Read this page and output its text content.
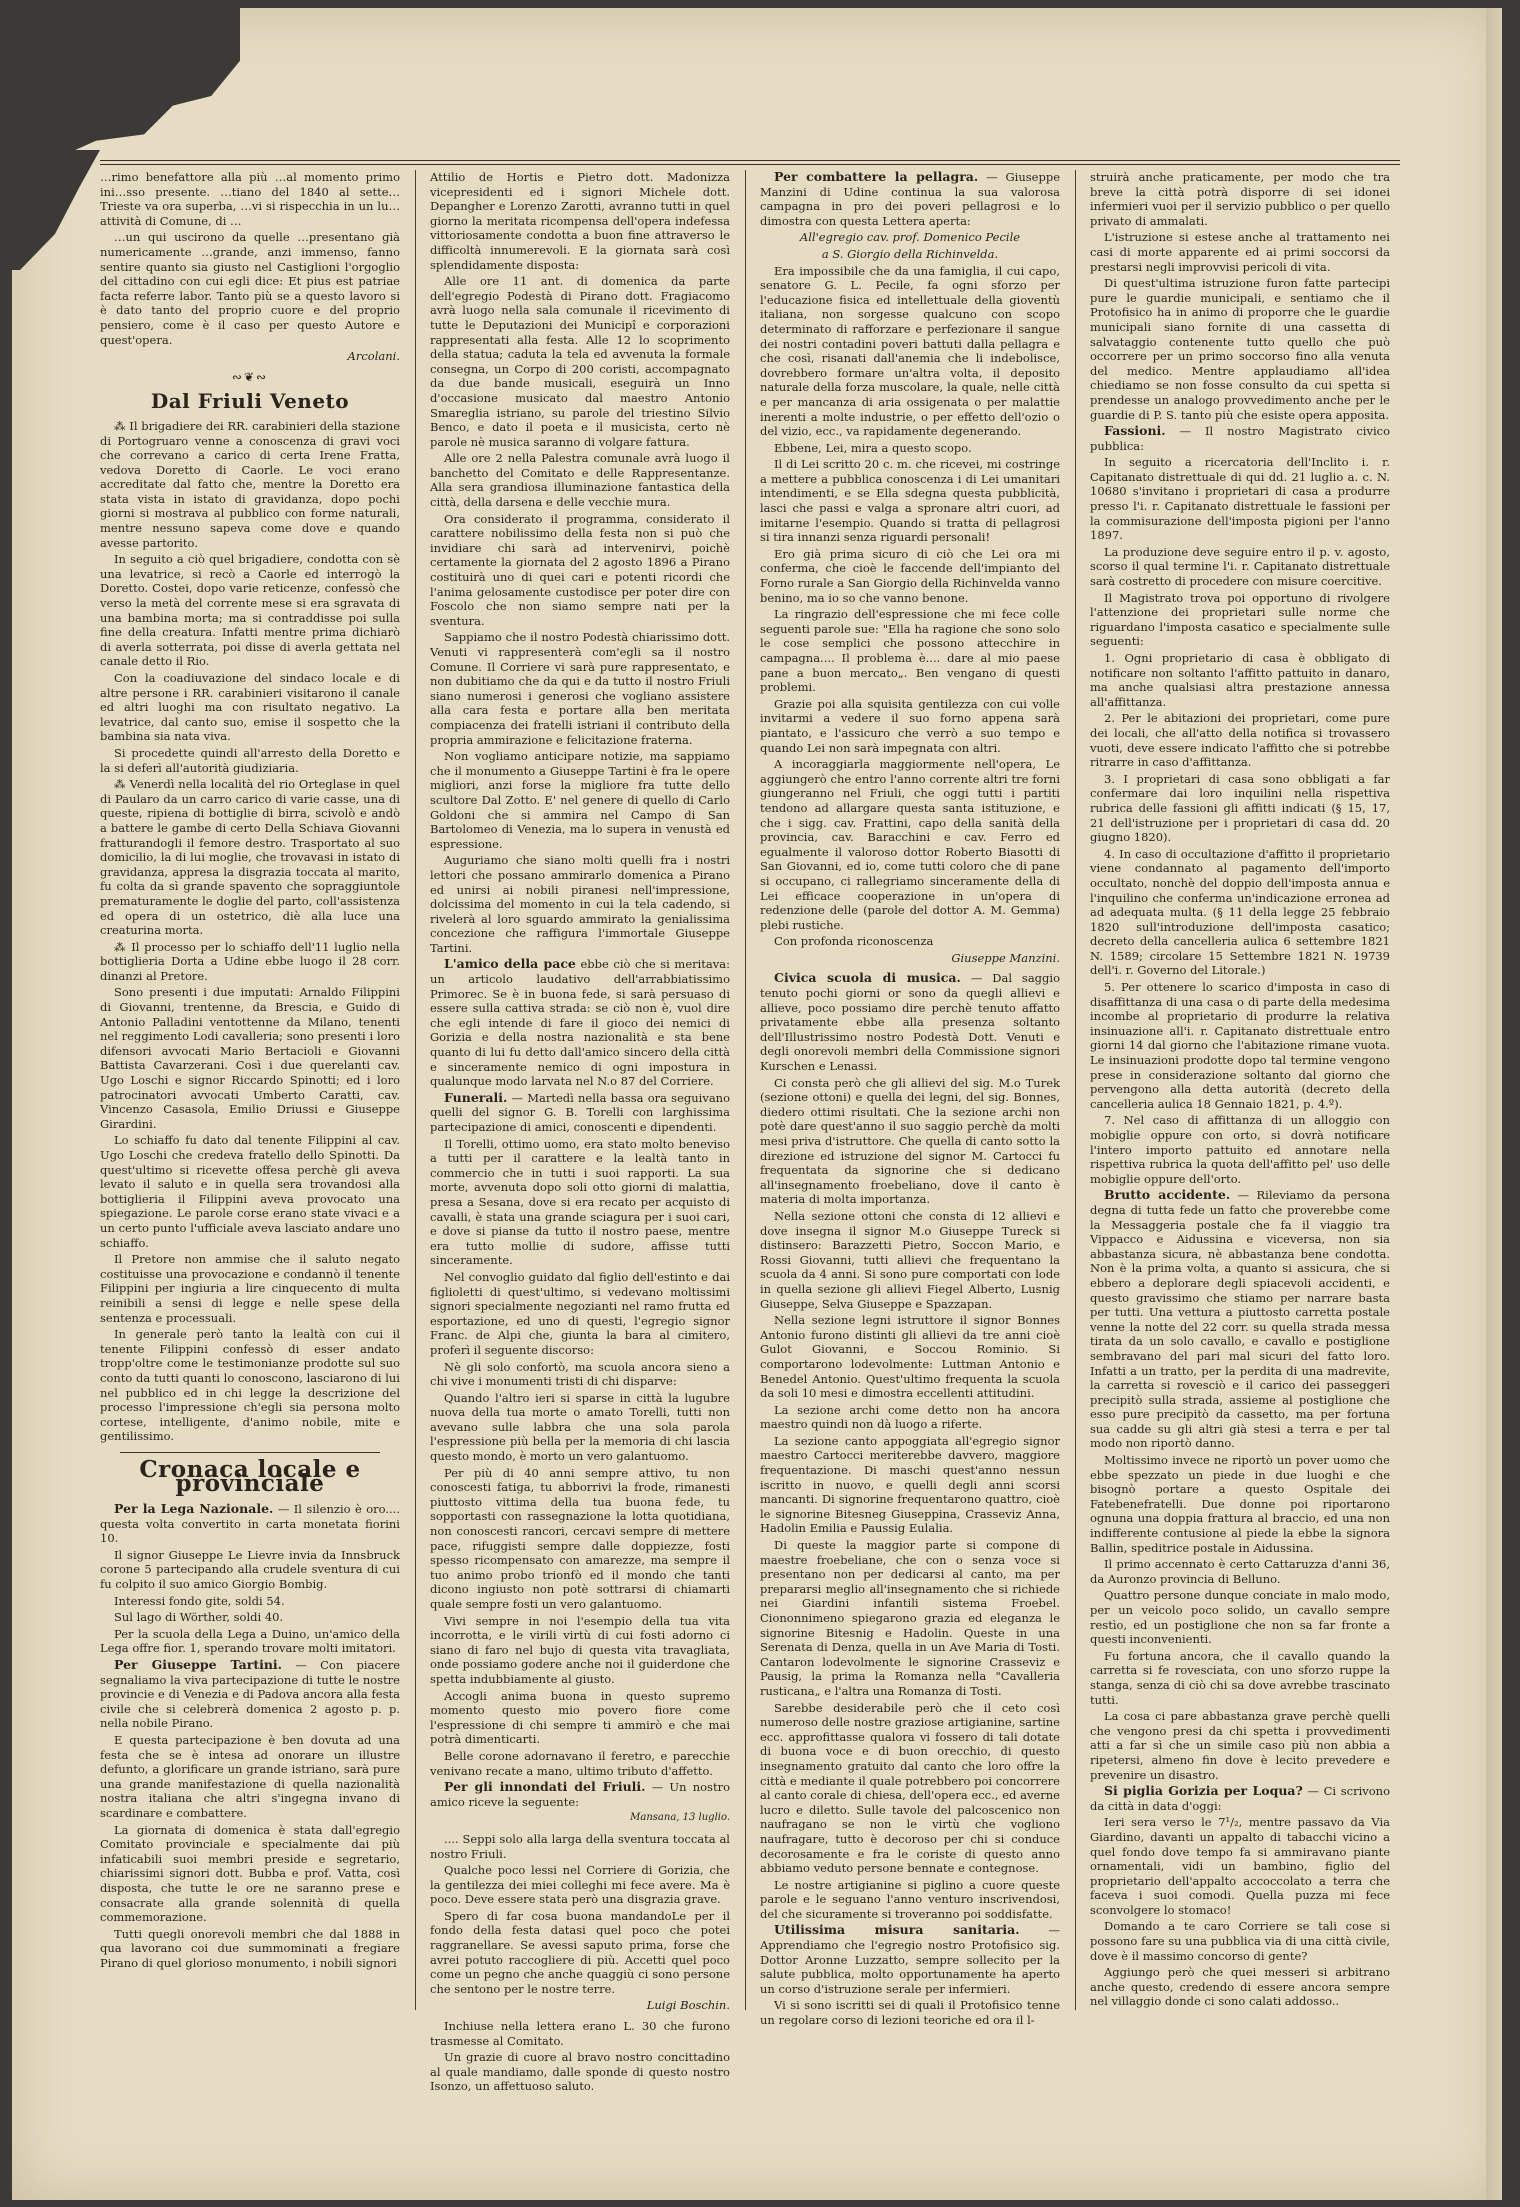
…rimo benefattore alla più …al momento primo ini…sso presente. …tiano del 1840 al sette… Trieste va ora superba, …vi si rispecchia in un lu… attività di Comune, di …

…un qui uscirono da quelle …presentano già numericamente …grande, anzi immenso, fanno sentire quanto sia giusto nel Castiglioni l'orgoglio del cittadino con cui egli dice: Et pius est patriae facta referre labor. Tanto più se a questo lavoro si è dato tanto del proprio cuore e del proprio pensiero, come è il caso per questo Autore e quest'opera.

Arcolani.
∾❦∾
Dal Friuli Veneto

⁂ Il brigadiere dei RR. carabinieri della stazione di Portogruaro venne a conoscenza di gravi voci che correvano a carico di certa Irene Fratta, vedova Doretto di Caorle. Le voci erano accreditate dal fatto che, mentre la Doretto era stata vista in istato di gravidanza, dopo pochi giorni si mostrava al pubblico con forme naturali, mentre nessuno sapeva come dove e quando avesse partorito.

In seguito a ciò quel brigadiere, condotta con sè una levatrice, si recò a Caorle ed interrogò la Doretto. Costei, dopo varie reticenze, confessò che verso la metà del corrente mese si era sgravata di una bambina morta; ma si contraddisse poi sulla fine della creatura. Infatti mentre prima dichiarò di averla sotterrata, poi disse di averla gettata nel canale detto il Rio.

Con la coadiuvazione del sindaco locale e di altre persone i RR. carabinieri visitarono il canale ed altri luoghi ma con risultato negativo. La levatrice, dal canto suo, emise il sospetto che la bambina sia nata viva.

Si procedette quindi all'arresto della Doretto e la si deferì all'autorità giudiziaria.

⁂ Venerdì nella località del rio Orteglase in quel di Paularo da un carro carico di varie casse, una di queste, ripiena di bottiglie di birra, scivolò e andò a battere le gambe di certo Della Schiava Giovanni fratturandogli il femore destro. Trasportato al suo domicilio, la di lui moglie, che trovavasi in istato di gravidanza, appresa la disgrazia toccata al marito, fu colta da sì grande spavento che sopraggiuntole prematuramente le doglie del parto, coll'assistenza ed opera di un ostetrico, diè alla luce una creaturina morta.

⁂ Il processo per lo schiaffo dell'11 luglio nella bottiglieria Dorta a Udine ebbe luogo il 28 corr. dinanzi al Pretore.

Sono presenti i due imputati: Arnaldo Filippini di Giovanni, trentenne, da Brescia, e Guido di Antonio Palladini ventottenne da Milano, tenenti nel reggimento Lodi cavalleria; sono presenti i loro difensori avvocati Mario Bertacioli e Giovanni Battista Cavarzerani. Così i due querelanti cav. Ugo Loschi e signor Riccardo Spinotti; ed i loro patrocinatori avvocati Umberto Caratti, cav. Vincenzo Casasola, Emilio Driussi e Giuseppe Girardini.

Lo schiaffo fu dato dal tenente Filippini al cav. Ugo Loschi che credeva fratello dello Spinotti. Da quest'ultimo si ricevette offesa perchè gli aveva levato il saluto e in quella sera trovandosi alla bottiglieria il Filippini aveva provocato una spiegazione. Le parole corse erano state vivaci e a un certo punto l'ufficiale aveva lasciato andare uno schiaffo.

Il Pretore non ammise che il saluto negato costituisse una provocazione e condannò il tenente Filippini per ingiuria a lire cinquecento di multa reinibili a sensi di legge e nelle spese della sentenza e processuali.

In generale però tanto la lealtà con cui il tenente Filippini confessò di esser andato tropp'oltre come le testimonianze prodotte sul suo conto da tutti quanti lo conoscono, lasciarono di lui nel pubblico ed in chi legge la descrizione del processo l'impressione ch'egli sia persona molto cortese, intelligente, d'animo nobile, mite e gentilissimo.

Cronaca locale e provinciale

Per la Lega Nazionale. — Il silenzio è oro.... questa volta convertito in carta monetata fiorini 10.

Il signor Giuseppe Le Lievre invia da Innsbruck corone 5 partecipando alla crudele sventura di cui fu colpito il suo amico Giorgio Bombig.

Interessi fondo gite, soldi 54.

Sul lago di Wörther, soldi 40.

Per la scuola della Lega a Duino, un'amico della Lega offre fior. 1, sperando trovare molti imitatori.

Per Giuseppe Tartini. — Con piacere segnaliamo la viva partecipazione di tutte le nostre provincie e di Venezia e di Padova ancora alla festa civile che si celebrerà domenica 2 agosto p. p. nella nobile Pirano.

E questa partecipazione è ben dovuta ad una festa che se è intesa ad onorare un illustre defunto, a glorificare un grande istriano, sarà pure una grande manifestazione di quella nazionalità nostra italiana che altri s'ingegna invano di scardinare e combattere.

La giornata di domenica è stata dall'egregio Comitato provinciale e specialmente dai più infaticabili suoi membri preside e segretario, chiarissimi signori dott. Bubba e prof. Vatta, così disposta, che tutte le ore ne saranno prese e consacrate alla grande solennità di quella commemorazione.

Tutti quegli onorevoli membri che dal 1888 in qua lavorano coi due summominati a fregiare Pirano di quel glorioso monumento, i nobili signori

Attilio de Hortis e Pietro dott. Madonizza vicepresidenti ed i signori Michele dott. Depangher e Lorenzo Zarotti, avranno tutti in quel giorno la meritata ricompensa dell'opera indefessa vittoriosamente condotta a buon fine attraverso le difficoltà innumerevoli. E la giornata sarà così splendidamente disposta:

Alle ore 11 ant. di domenica da parte dell'egregio Podestà di Pirano dott. Fragiacomo avrà luogo nella sala comunale il ricevimento di tutte le Deputazioni dei Municipî e corporazioni rappresentati alla festa. Alle 12 lo scoprimento della statua; caduta la tela ed avvenuta la formale consegna, un Corpo di 200 coristi, accompagnato da due bande musicali, eseguirà un Inno d'occasione musicato dal maestro Antonio Smareglia istriano, su parole del triestino Silvio Benco, e dato il poeta e il musicista, certo nè parole nè musica saranno di volgare fattura.

Alle ore 2 nella Palestra comunale avrà luogo il banchetto del Comitato e delle Rappresentanze. Alla sera grandiosa illuminazione fantastica della città, della darsena e delle vecchie mura.

Ora considerato il programma, considerato il carattere nobilissimo della festa non si può che invidiare chi sarà ad intervenirvi, poichè certamente la giornata del 2 agosto 1896 a Pirano costituirà uno di quei cari e potenti ricordi che l'anima gelosamente custodisce per poter dire con Foscolo che non siamo sempre nati per la sventura.

Sappiamo che il nostro Podestà chiarissimo dott. Venuti vi rappresenterà com'egli sa il nostro Comune. Il Corriere vi sarà pure rappresentato, e non dubitiamo che da qui e da tutto il nostro Friuli siano numerosi i generosi che vogliano assistere alla cara festa e portare alla ben meritata compiacenza dei fratelli istriani il contributo della propria ammirazione e felicitazione fraterna.

Non vogliamo anticipare notizie, ma sappiamo che il monumento a Giuseppe Tartini è fra le opere migliori, anzi forse la migliore fra tutte dello scultore Dal Zotto. E' nel genere di quello di Carlo Goldoni che si ammira nel Campo di San Bartolomeo di Venezia, ma lo supera in venustà ed espressione.

Auguriamo che siano molti quelli fra i nostri lettori che possano ammirarlo domenica a Pirano ed unirsi ai nobili piranesi nell'impressione, dolcissima del momento in cui la tela cadendo, si rivelerà al loro sguardo ammirato la genialissima concezione che raffigura l'immortale Giuseppe Tartini.

L'amico della pace ebbe ciò che si meritava: un articolo laudativo dell'arrabbiatissimo Primorec. Se è in buona fede, si sarà persuaso di essere sulla cattiva strada: se ciò non è, vuol dire che egli intende di fare il gioco dei nemici di Gorizia e della nostra nazionalità e sta bene quanto di lui fu detto dall'amico sincero della città e sinceramente nemico di ogni impostura in qualunque modo larvata nel N.o 87 del Corriere.

Funerali. — Martedì nella bassa ora seguivano quelli del signor G. B. Torelli con larghissima partecipazione di amici, conoscenti e dipendenti.

Il Torelli, ottimo uomo, era stato molto benevisо a tutti per il carattere e la lealtà tanto in commercio che in tutti i suoi rapporti. La sua morte, avvenuta dopo soli otto giorni di malattia, presa a Sesana, dove si era recato per acquisto di cavalli, è stata una grande sciagura per i suoi cari, e dove si pianse da tutto il nostro paese, mentre era tutto mollie di sudore, affisse tutti sinceramente.

Nel convoglio guidato dal figlio dell'estinto e dai figlioletti di quest'ultimo, si vedevano moltissimi signori specialmente negozianti nel ramo frutta ed esportazione, ed uno di questi, l'egregio signor Franc. de Alpi che, giunta la bara al cimitero, proferì il seguente discorso:

Nè gli solo confortò, ma scuola ancora sieno a chi vive i monumenti tristi di chi disparve:

Quando l'altro ieri si sparse in città la lugubre nuova della tua morte o amato Torelli, tutti non avevano sulle labbra che una sola parola l'espressione più bella per la memoria di chi lascia questo mondo, è morto un vero galantuomo.

Per più di 40 anni sempre attivo, tu non conoscesti fatiga, tu abborrivi la frode, rimanesti piuttosto vittima della tua buona fede, tu sopportasti con rassegnazione la lotta quotidiana, non conoscesti rancori, cercavi sempre di mettere pace, rifuggisti sempre dalle doppiezze, fosti spesso ricompensato con amarezze, ma sempre il tuo animo probo trionfò ed il mondo che tanti dicono ingiusto non potè sottrarsi di chiamarti quale sempre fosti un vero galantuomo.

Vivi sempre in noi l'esempio della tua vita incorrotta, e le virili virtù di cui fosti adorno ci siano di faro nel bujo di questa vita travagliata, onde possiamo godere anche noi il guiderdone che spetta indubbiamente al giusto.

Accogli anima buona in questo supremo momento questo mio povero fiore come l'espressione di chi sempre ti ammirò e che mai potrà dimenticarti.

Belle corone adornavano il feretro, e parecchie venivano recate a mano, ultimo tributo d'affetto.

Per gli innondati del Friuli. — Un nostro amico riceve la seguente:

Mansana, 13 luglio.

.... Seppi solo alla larga della sventura toccata al nostro Friuli.

Qualche poco lessi nel Corriere di Gorizia, che la gentilezza dei miei colleghi mi fece avere. Ma è poco. Deve essere stata però una disgrazia grave.

Spero di far cosa buona mandandoLe per il fondo della festa datasi quel poco che potei raggranellare. Se avessi saputo prima, forse che avrei potuto raccogliere di più. Accetti quel poco come un pegno che anche quaggiù ci sono persone che sentono per le nostre terre.

Luigi Boschin.

Inchiuse nella lettera erano L. 30 che furono trasmesse al Comitato.

Un grazie di cuore al bravo nostro concittadino al quale mandiamo, dalle sponde di questo nostro Isonzo, un affettuoso saluto.

Per combattere la pellagra. — Giuseppe Manzini di Udine continua la sua valorosa campagna in pro dei poveri pellagrosi e lo dimostra con questa Lettera aperta:

All'egregio cav. prof. Domenico Pecile

a S. Giorgio della Richinvelda.

Era impossibile che da una famiglia, il cui capo, senatore G. L. Pecile, fa ogni sforzo per l'educazione fisica ed intellettuale della gioventù italiana, non sorgesse qualcuno con scopo determinato di rafforzare e perfezionare il sangue dei nostri contadini poveri battuti dalla pellagra e che così, risanati dall'anemia che li indebolisce, dovrebbero formare un'altra volta, il deposito naturale della forza muscolare, la quale, nelle città e per mancanza di aria ossigenata o per malattie inerenti a molte industrie, o per effetto dell'ozio o del vizio, ecc., va rapidamente degenerando.

Ebbene, Lei, mira a questo scopo.

Il di Lei scritto 20 c. m. che ricevei, mi costringe a mettere a pubblica conoscenza i di Lei umanitari intendimenti, e se Ella sdegna questa pubblicità, lasci che passi e valga a spronare altri cuori, ad imitarne l'esempio. Quando si tratta di pellagrosi si tira innanzi senza riguardi personali!

Ero già prima sicuro di ciò che Lei ora mi conferma, che cioè le faccende dell'impianto del Forno rurale a San Giorgio della Richinvelda vanno benino, ma io so che vanno benone.

La ringrazio dell'espressione che mi fece colle seguenti parole sue: "Ella ha ragione che sono solo le cose semplici che possono attecchire in campagna.... Il problema è.... dare al mio paese pane a buon mercato„. Ben vengano di questi problemi.

Grazie poi alla squisita gentilezza con cui volle invitarmi a vedere il suo forno appena sarà piantato, e l'assicuro che verrò a suo tempo e quando Lei non sarà impegnata con altri.

A incoraggiarla maggiormente nell'opera, Le aggiungerò che entro l'anno corrente altri tre forni giungeranno nel Friuli, che oggi tutti i partiti tendono ad allargare questa santa istituzione, e che i sigg. cav. Frattini, capo della sanità della provincia, cav. Baracchini e cav. Ferro ed egualmente il valoroso dottor Roberto Biasotti di San Giovanni, ed io, come tutti coloro che di pane si occupano, ci rallegriamo sinceramente della di Lei efficace cooperazione in un'opera di redenzione delle (parole del dottor A. M. Gemma) plebi rustiche.

Con profonda riconoscenza

Giuseppe Manzini.

Civica scuola di musica. — Dal saggio tenuto pochi giorni or sono da quegli allievi e allieve, poco possiamo dire perchè tenuto affatto privatamente ebbe alla presenza soltanto dell'Illustrissimo nostro Podestà Dott. Venuti e degli onorevoli membri della Commissione signori Kurschen e Lenassi.

Ci consta però che gli allievi del sig. M.o Turek (sezione ottoni) e quella dei legni, del sig. Bonnes, diedero ottimi risultati. Che la sezione archi non potè dare quest'anno il suo saggio perchè da molti mesi priva d'istruttore. Che quella di canto sotto la direzione ed istruzione del signor M. Cartocci fu frequentata da signorine che si dedicano all'insegnamento froebeliano, dove il canto è materia di molta importanza.

Nella sezione ottoni che consta di 12 allievi e dove insegna il signor M.o Giuseppe Tureck si distinsero: Barazzetti Pietro, Soccon Mario, e Rossi Giovanni, tutti allievi che frequentano la scuola da 4 anni. Si sono pure comportati con lode in quella sezione gli allievi Fiegel Alberto, Lusnig Giuseppe, Selva Giuseppe e Spazzapan.

Nella sezione legni istruttore il signor Bonnes Antonio furono distinti gli allievi da tre anni cioè Gulot Giovanni, e Soccou Rominio. Si comportarono lodevolmente: Luttman Antonio e Benedel Antonio. Quest'ultimo frequenta la scuola da soli 10 mesi e dimostra eccellenti attitudini.

La sezione archi come detto non ha ancora maestro quindi non dà luogo a riferte.

La sezione canto appoggiata all'egregio signor maestro Cartocci meriterebbe davvero, maggiore frequentazione. Di maschi quest'anno nessun iscritto in nuovo, e quelli degli anni scorsi mancanti. Di signorine frequentarono quattro, cioè le signorine Bitesneg Giuseppina, Crasseviz Anna, Hadolin Emilia e Paussig Eulalia.

Di queste la maggior parte si compone di maestre froebeliane, che con o senza voce si presentano non per dedicarsi al canto, ma per prepararsi meglio all'insegnamento che si richiede nei Giardini infantili sistema Froebel. Ciononnimeno spiegarono grazia ed eleganza le signorine Bitesnig e Hadolin. Queste in una Serenata di Denza, quella in un Ave Maria di Tosti. Cantaron lodevolmente le signorine Crasseviz e Pausig, la prima la Romanza nella "Cavalleria rusticana„ e l'altra una Romanza di Tosti.

Sarebbe desiderabile però che il ceto così numeroso delle nostre graziose artigianine, sartine ecc. approfittasse qualora vi fossero di tali dotate di buona voce e di buon orecchio, di questo insegnamento gratuito dal canto che loro offre la città e mediante il quale potrebbero poi concorrere al canto corale di chiesa, dell'opera ecc., ed averne lucro e diletto. Sulle tavole del palcoscenico non naufragano se non le virtù che vogliono naufragare, tutto è decoroso per chi si conduce decorosamente e fra le coriste di questo anno abbiamo veduto persone bennate e contegnose.

Le nostre artigianine si piglino a cuore queste parole e le seguano l'anno venturo inscrivendosi, del che sicuramente si troveranno poi soddisfatte.

Utilissima misura sanitaria.	— Apprendiamo che l'egregio nostro Protofisico sig. Dottor Aronne Luzzatto, sempre sollecito per la salute pubblica, molto opportunamente ha aperto un corso d'istruzione serale per infermieri.

Vi si sono iscritti sei di quali il Protofisico tenne un regolare corso di lezioni teoriche ed ora il l-

struirà anche praticamente, per modo che tra breve la città potrà disporre di sei idonei infermieri vuoi per il servizio pubblico o per quello privato di ammalati.

L'istruzione si estese anche al trattamento nei casi di morte apparente ed ai primi soccorsi da prestarsi negli improvvisi pericoli di vita.

Di quest'ultima istruzione furon fatte partecipi pure le guardie municipali, e sentiamo che il Protofisico ha in animo di proporre che le guardie municipali siano fornite di una cassetta di salvataggio contenente tutto quello che può occorrere per un primo soccorso fino alla venuta del medico. Mentre applaudiamo all'idea chiediamo se non fosse consulto da cui spetta si prendesse un analogo provvedimento anche per le guardie di P. S. tanto più che esiste opera apposita.

Fassioni. — Il nostro Magistrato civico pubblica:

In seguito a ricercatoria dell'Inclito i. r. Capitanato distrettuale di qui dd. 21 luglio a. c. N. 10680 s'invitano i proprietari di casa a produrre presso l'i. r. Capitanato distrettuale le fassioni per la commisurazione dell'imposta pigioni per l'anno 1897.

La produzione deve seguire entro il p. v. agosto, scorso il qual termine l'i. r. Capitanato distrettuale sarà costretto di procedere con misure coercitive.

Il Magistrato trova poi opportuno di rivolgere l'attenzione dei proprietari sulle norme che riguardano l'imposta casatico e specialmente sulle seguenti:

1. Ogni proprietario di casa è obbligato di notificare non soltanto l'affitto pattuito in danaro, ma anche qualsiasi altra prestazione annessa all'affittanza.

2. Per le abitazioni dei proprietari, come pure dei locali, che all'atto della notifica si trovassero vuoti, deve essere indicato l'affitto che si potrebbe ritrarre in caso d'affittanza.

3. I proprietari di casa sono obbligati a far confermare dai loro inquilini nella rispettiva rubrica delle fassioni gli affitti indicati (§ 15, 17, 21 dell'istruzione per i proprietari di casa dd. 20 giugno 1820).

4. In caso di occultazione d'affitto il proprietario viene condannato al pagamento dell'importo occultato, nonchè del doppio dell'imposta annua e l'inquilino che conferma un'indicazione erronea ad ad adequata multa. (§ 11 della legge 25 febbraio 1820 sull'introduzione dell'imposta casatico; decreto della cancelleria aulica 6 settembre 1821 N. 1589; circolare 15 Settembre 1821 N. 19739 dell'i. r. Governo del Litorale.)

5. Per ottenere lo scarico d'imposta in caso di disaffittanza di una casa o di parte della medesima incombe al proprietario di produrre la relativa insinuazione all'i. r. Capitanato distrettuale entro giorni 14 dal giorno che l'abitazione rimane vuota. Le insinuazioni prodotte dopo tal termine vengono prese in considerazione soltanto dal giorno che pervengono alla detta autorità (decreto della cancelleria aulica 18 Gennaio 1821, p. 4.º).

7. Nel caso di affittanza di un alloggio con mobiglie oppure con orto, si dovrà notificare l'intero importo pattuito ed annotare nella rispettiva rubrica la quota dell'affitto pel' uso delle mobiglie oppure dell'orto.

Brutto accidente. — Rileviamo da persona degna di tutta fede un fatto che proverebbe come la Messaggeria postale che fa il viaggio tra Vippacco e Aidussina e viceversa, non sia abbastanza sicura, nè abbastanza bene condotta. Non è la prima volta, a quanto si assicura, che si ebbero a deplorare degli spiacevoli accidenti, e questo gravissimo che stiamo per narrare basta per tutti. Una vettura a piuttosto carretta postale venne la notte del 22 corr. su quella strada messa tirata da un solo cavallo, e cavallo e postiglione sembravano del pari mal sicuri del fatto loro. Infatti a un tratto, per la perdita di una madrevite, la carretta si rovesciò e il carico dei passeggeri precipitò sulla strada, assieme al postiglione che esso pure precipitò da cassetto, ma per fortuna sua cadde su gli altri già stesi a terra e per tal modo non riportò danno.

Moltissimo invece ne riportò un pover uomo che ebbe spezzato un piede in due luoghi e che bisognò portare a questo Ospitale dei Fatebenefratelli. Due donne poi riportarono ognuna una doppia frattura al braccio, ed una non indifferente contusione al piede la ebbe la signora Ballin, speditrice postale in Aidussina.

Il primo accennato è certo Cattaruzza d'anni 36, da Auronzo provincia di Belluno.

Quattro persone dunque conciate in malo modo, per un veicolo poco solido, un cavallo sempre restìo, ed un postiglione che non sa far fronte a questi inconvenienti.

Fu fortuna ancora, che il cavallo quando la carretta si fe rovesciata, con uno sforzo ruppe la stanga, senza di ciò chi sa dove avrebbe trascinato tutti.

La cosa ci pare abbastanza grave perchè quelli che vengono presi da chi spetta i provvedimenti atti a far sì che un simile caso più non abbia a ripetersi, almeno fin dove è lecito prevedere e prevenire un disastro.

Si piglia Gorizia per Loqua? — Ci scrivono da città in data d'oggi:

Ieri sera verso le 7¹/₂, mentre passavo da Via Giardino, davanti un appalto di tabacchi vicino a quel fondo dove tempo fa si ammiravano piante ornamentali, vidi un bambino, figlio del proprietario dell'appalto accoccolato a terra che faceva i suoi comodi. Quella puzza mi fece sconvolgere lo stomaco!

Domando a te caro Corriere se tali cose si possono fare su una pubblica via di una città civile, dove è il massimo concorso di gente?

Aggiungo però che quei messeri si arbitrano anche questo, credendo di essere ancora sempre nel villaggio donde ci sono calati addosso..
